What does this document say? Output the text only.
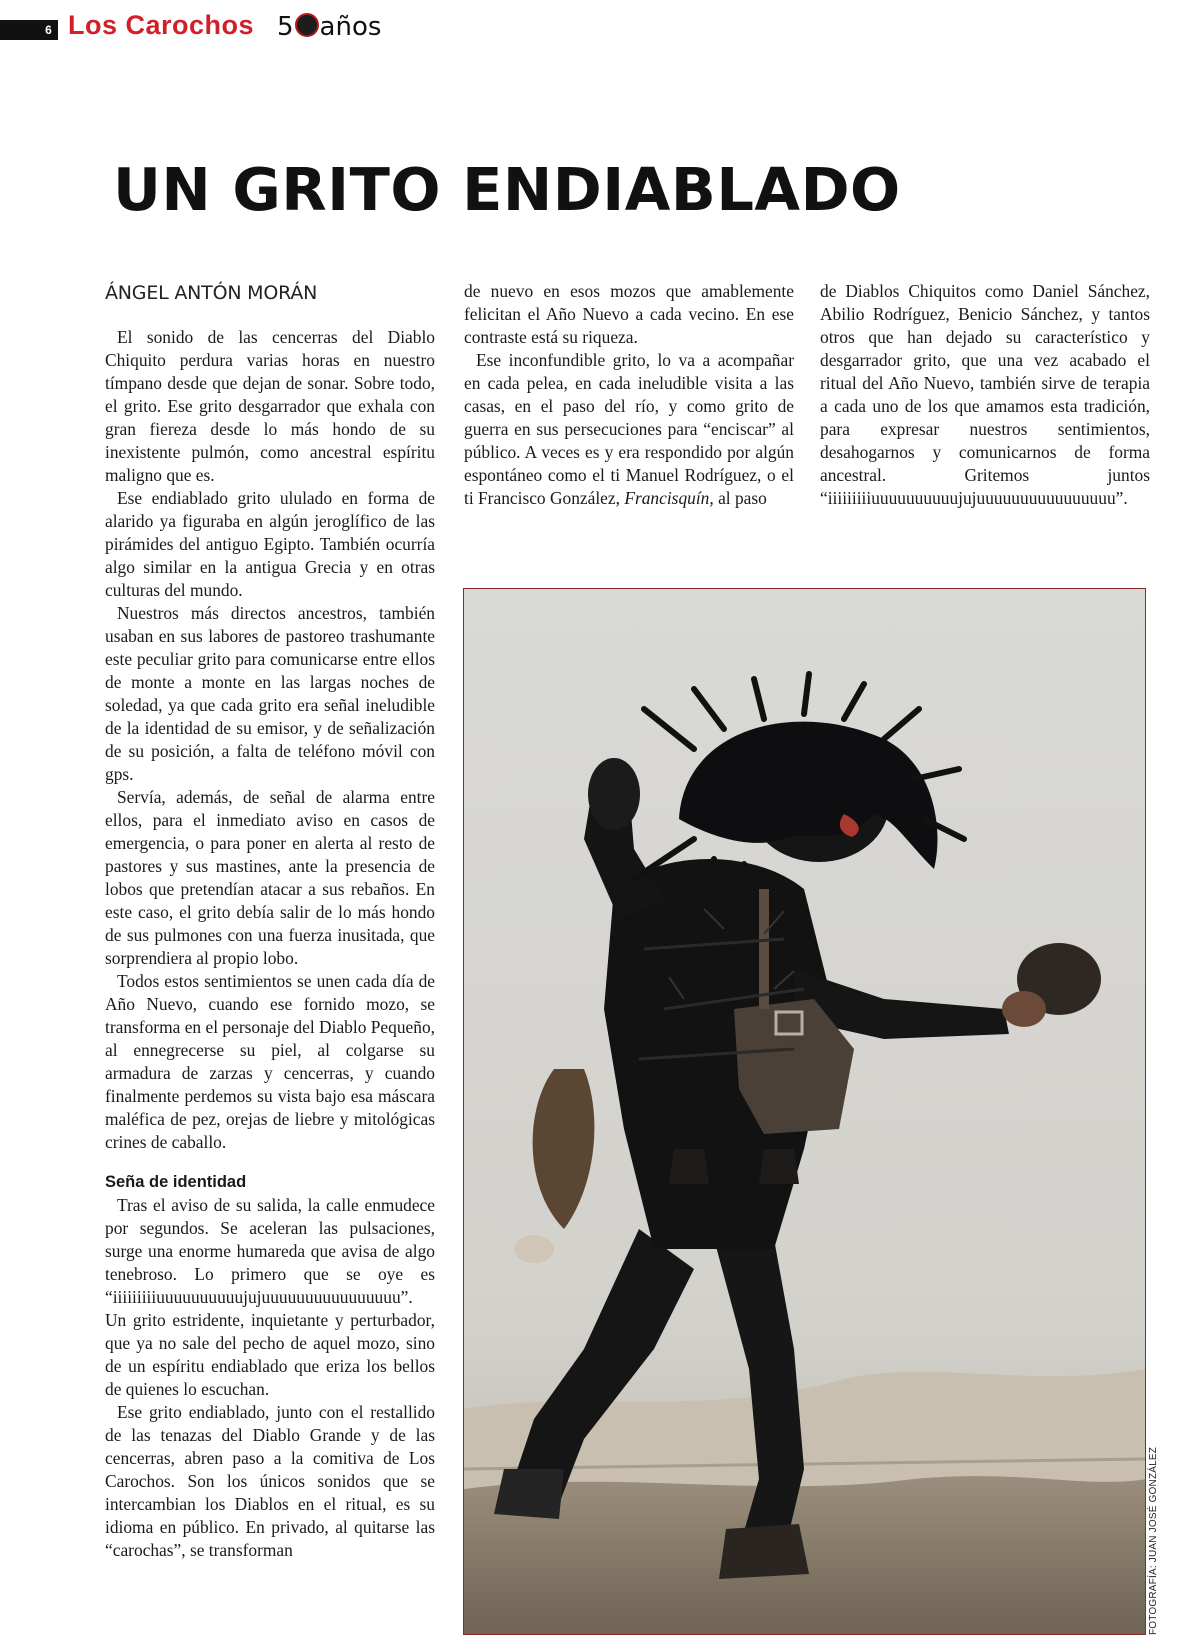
6 Los Carochos 5 años
UN GRITO ENDIABLADO
ÁNGEL ANTÓN MORÁN

El sonido de las cencerras del Diablo Chiquito perdura varias horas en nuestro tímpano desde que dejan de sonar. Sobre todo, el grito. Ese grito desgarrador que exhala con gran fiereza desde lo más hondo de su inexistente pulmón, como ancestral espíritu maligno que es.

Ese endiablado grito ululado en forma de alarido ya figuraba en algún jeroglífico de las pirámides del antiguo Egipto. También ocurría algo similar en la antigua Grecia y en otras culturas del mundo.

Nuestros más directos ancestros, también usaban en sus labores de pastoreo trashumante este peculiar grito para comunicarse entre ellos de monte a monte en las largas noches de soledad, ya que cada grito era señal ineludible de la identidad de su emisor, y de señalización de su posición, a falta de teléfono móvil con gps.

Servía, además, de señal de alarma entre ellos, para el inmediato aviso en casos de emergencia, o para poner en alerta al resto de pastores y sus mastines, ante la presencia de lobos que pretendían atacar a sus rebaños. En este caso, el grito debía salir de lo más hondo de sus pulmones con una fuerza inusitada, que sorprendiera al propio lobo.

Todos estos sentimientos se unen cada día de Año Nuevo, cuando ese fornido mozo, se transforma en el personaje del Diablo Pequeño, al ennegrecerse su piel, al colgarse su armadura de zarzas y cencerras, y cuando finalmente perdemos su vista bajo esa máscara maléfica de pez, orejas de liebre y mitológicas crines de caballo.

Seña de identidad

Tras el aviso de su salida, la calle enmudece por segundos. Se aceleran las pulsaciones, surge una enorme humareda que avisa de algo tenebroso. Lo primero que se oye es “iiiiiiiiiuuuuuuuuuujujuuuuuuuuuuuuuuuu”. Un grito estridente, inquietante y perturbador, que ya no sale del pecho de aquel mozo, sino de un espíritu endiablado que eriza los bellos de quienes lo escuchan.

Ese grito endiablado, junto con el restallido de las tenazas del Diablo Grande y de las cencerras, abren paso a la comitiva de Los Carochos. Son los únicos sonidos que se intercambian los Diablos en el ritual, es su idioma en público. En privado, al quitarse las “carochas”, se transforman

de nuevo en esos mozos que amablemente felicitan el Año Nuevo a cada vecino. En ese contraste está su riqueza.

Ese inconfundible grito, lo va a acompañar en cada pelea, en cada ineludible visita a las casas, en el paso del río, y como grito de guerra en sus persecuciones para “enciscar” al público. A veces es y era respondido por algún espontáneo como el ti Manuel Rodríguez, o el ti Francisco González, Francisquín, al paso

de Diablos Chiquitos como Daniel Sánchez, Abilio Rodríguez, Benicio Sánchez, y tantos otros que han dejado su característico y desgarrador grito, que una vez acabado el ritual del Año Nuevo, también sirve de terapia a cada uno de los que amamos esta tradición, para expresar nuestros sentimientos, desahogarnos y comunicarnos de forma ancestral. Gritemos juntos “iiiiiiiiiuuuuuuuuuujujuuuuuuuuuuuuuuuu”.

FOTOGRAFÍA: JUAN JOSÉ GONZÁLEZ
